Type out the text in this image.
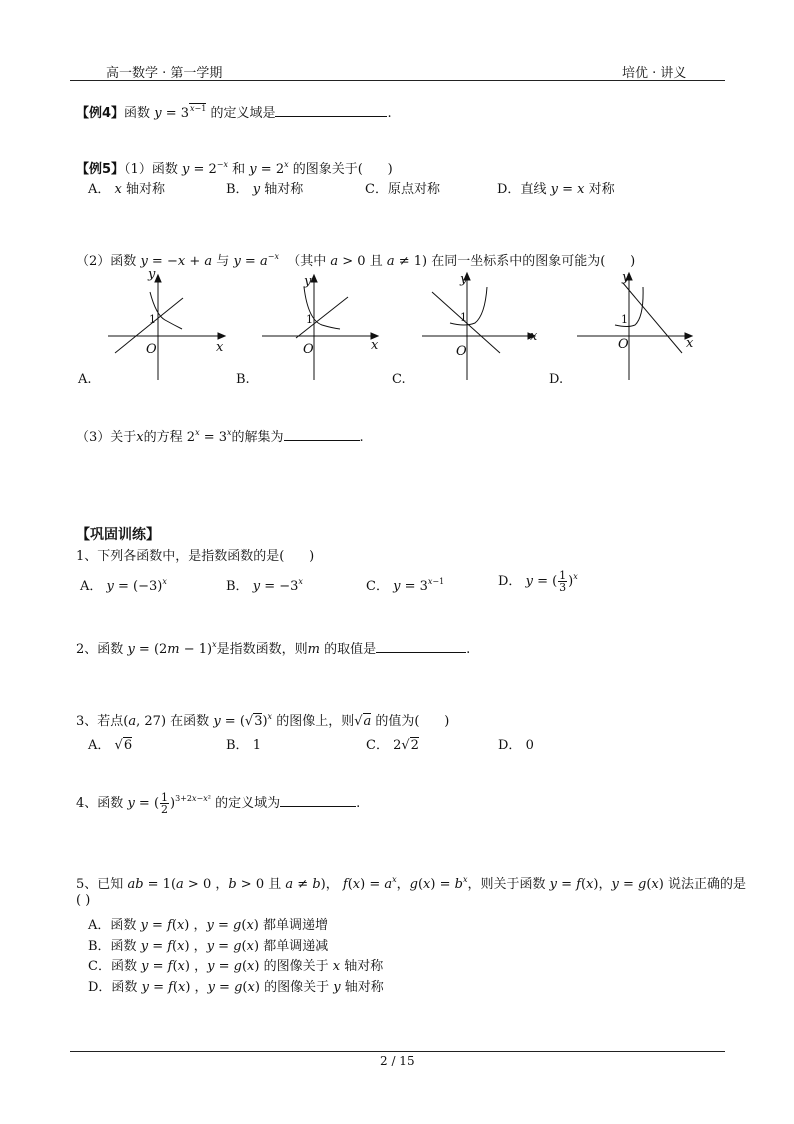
高一数学 · 第一学期	培优 · 讲义
【例4】函数 $y = 3^{x-1}$ 的定义域是	.
【例5】（1）函数 $y = 2^{-x}$ 和 $y = 2^x$ 的图象关于( )
A． x 轴对称	B． y 轴对称	C．原点对称	D．直线 y = x 对称
（2）函数 y = −x + a 与 $y = a^{-x}$ （其中 a > 0 且 a ≠ 1) 在同一坐标系中的图象可能为( )
y
x
O
y
x
O
y
x
O
y
x
O
1	1	1	1
A.	B.	C.	D.
（3）关于x的方程 $2^x = 3^x$的解集为	.
【巩固训练】
1、下列各函数中，是指数函数的是( )
A． $y = (-3)^x$	B． $y = -3^x$	C． $y = 3^{x-1}$	D． y = ( $\frac{1}{3} )^x$
2、函数 $y = (2m - 1)^x$是指数函数，则m 的取值是	.
3、若点(a, 27) 在函数 $y = (√3)^x$ 的图像上，则√a 的值为( )
A． √6	B． 1	C． 2√2	D． 0
4、函数 y = ( $\frac{1}{2} )^{3+2x-x^2}$ 的定义域为	.
5、已知 ab = 1(a > 0 ，b > 0 且 a ≠ b)， $f(x) = a^x$，$g(x) = b^x$，则关于函数 y = f(x)，y = g(x) 说法正确的是
( )
A．函数 y = f(x) ，y = g(x) 都单调递增
B．函数 y = f(x) ，y = g(x) 都单调递减
C．函数 y = f(x) ，y = g(x) 的图像关于 x 轴对称
D．函数 y = f(x) ，y = g(x) 的图像关于 y 轴对称
2 / 15
